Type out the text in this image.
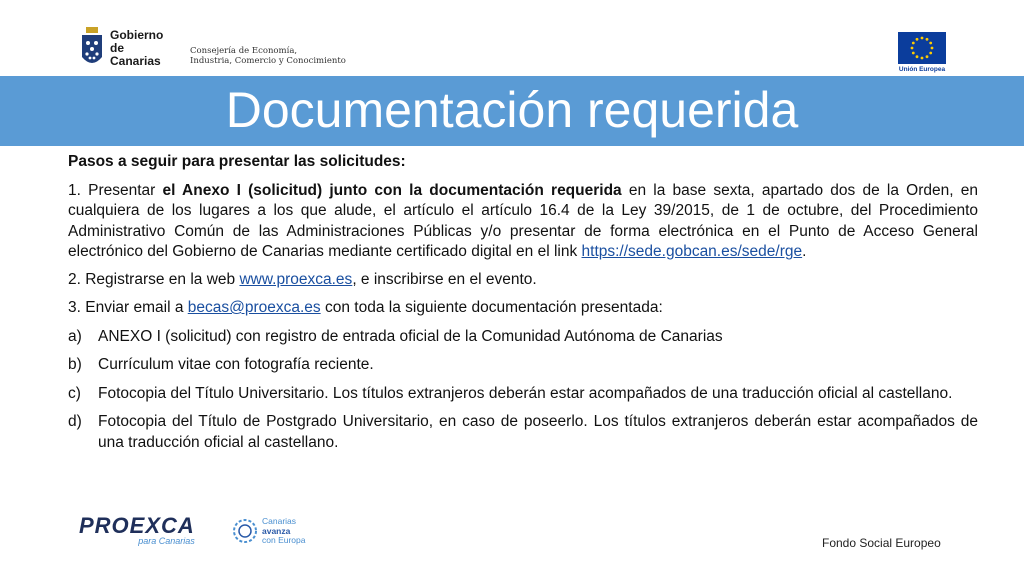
Gobierno
de Canarias
Consejería de Economía,
Industria, Comercio y Conocimiento
Unión Europea
Documentación requerida

Pasos a seguir para presentar las solicitudes:

1. Presentar el Anexo I (solicitud) junto con la documentación requerida en la base sexta, apartado dos de la Orden, en cualquiera de los lugares a los que alude, el artículo el artículo 16.4 de la Ley 39/2015, de 1 de octubre, del Procedimiento Administrativo Común de las Administraciones Públicas y/o presentar de forma electrónica en el Punto de Acceso General electrónico del Gobierno de Canarias mediante certificado digital en el link https://sede.gobcan.es/sede/rge.

2. Registrarse en la web www.proexca.es, e inscribirse en el evento.

3. Enviar email a becas@proexca.es con toda la siguiente documentación presentada:

a)	ANEXO I (solicitud) con registro de entrada oficial de la Comunidad Autónoma de Canarias
b)	Currículum vitae con fotografía reciente.
c)	Fotocopia del Título Universitario. Los títulos extranjeros deberán estar acompañados de una traducción oficial al castellano.
d)	Fotocopia del Título de Postgrado Universitario, en caso de poseerlo. Los títulos extranjeros deberán estar acompañados de una traducción oficial al castellano.
PROEXCA
para Canarias
Canarias
avanza
con Europa	Fondo Social Europeo
